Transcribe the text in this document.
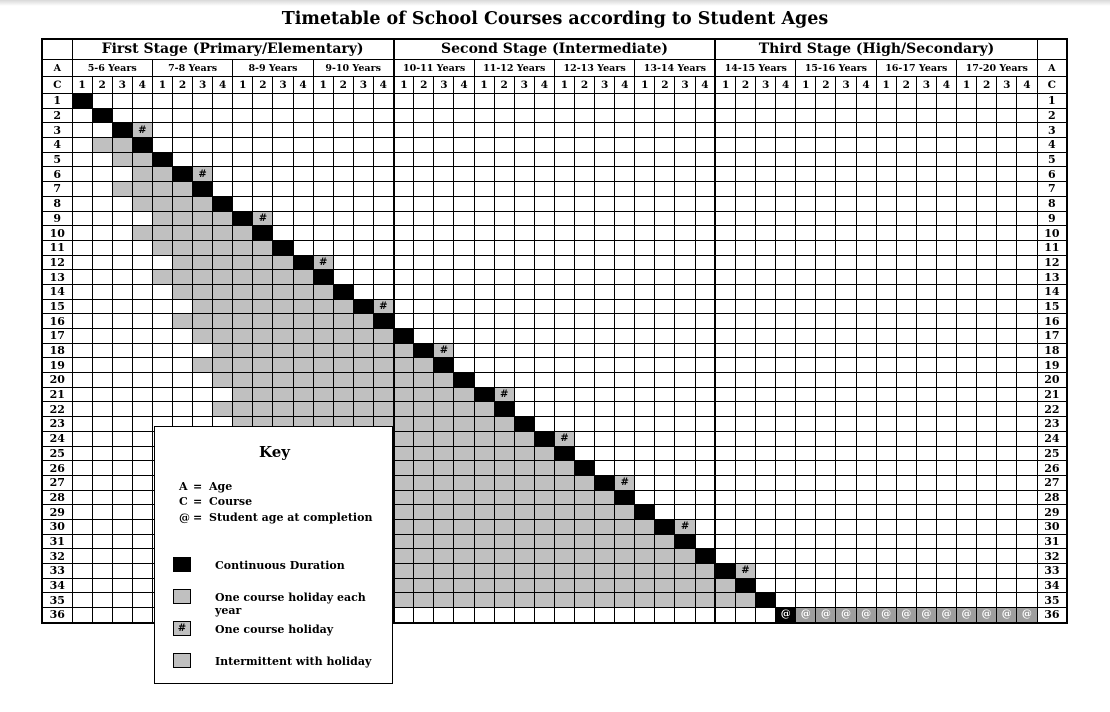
Timetable of School Courses according to Student Ages
	First Stage (Primary/Elementary)																Second Stage (Intermediate)																Third Stage (High/Secondary)																
A	5-6 Years				7-8 Years				8-9 Years				9-10 Years				10-11 Years				11-12 Years				12-13 Years				13-14 Years				14-15 Years				15-16 Years				16-17 Years				17-20 Years				A
C	1	2	3	4	1	2	3	4	1	2	3	4	1	2	3	4	1	2	3	4	1	2	3	4	1	2	3	4	1	2	3	4	1	2	3	4	1	2	3	4	1	2	3	4	1	2	3	4	C
1																																																	1
2																																																	2
3				#																																													3
4																																																	4
5																																																	5
6							#																																										6
7																																																	7
8																																																	8
9										#																																							9
10																																																	10
11																																																	11
12													#																																				12
13																																																	13
14																																																	14
15																#																																	15
16																																																	16
17																																																	17
18																			#																														18
19																																																	19
20																																																	20
21																						#																											21
22																																																	22
23																																																	23
24																									#																								24
25																																																	25
26																																																	26
27																												#																					27
28																																																	28
29																																																	29
30																															#																		30
31																																																	31
32																																																	32
33																																		#															33
34																																																	34
35																																																	35
36																																				@	@	@	@	@	@	@	@	@	@	@	@	@	36
Key
A = Age
C = Course
@ = Student age at completion
Continuous Duration
One course holiday each year
#	One course holiday
Intermittent with holiday
